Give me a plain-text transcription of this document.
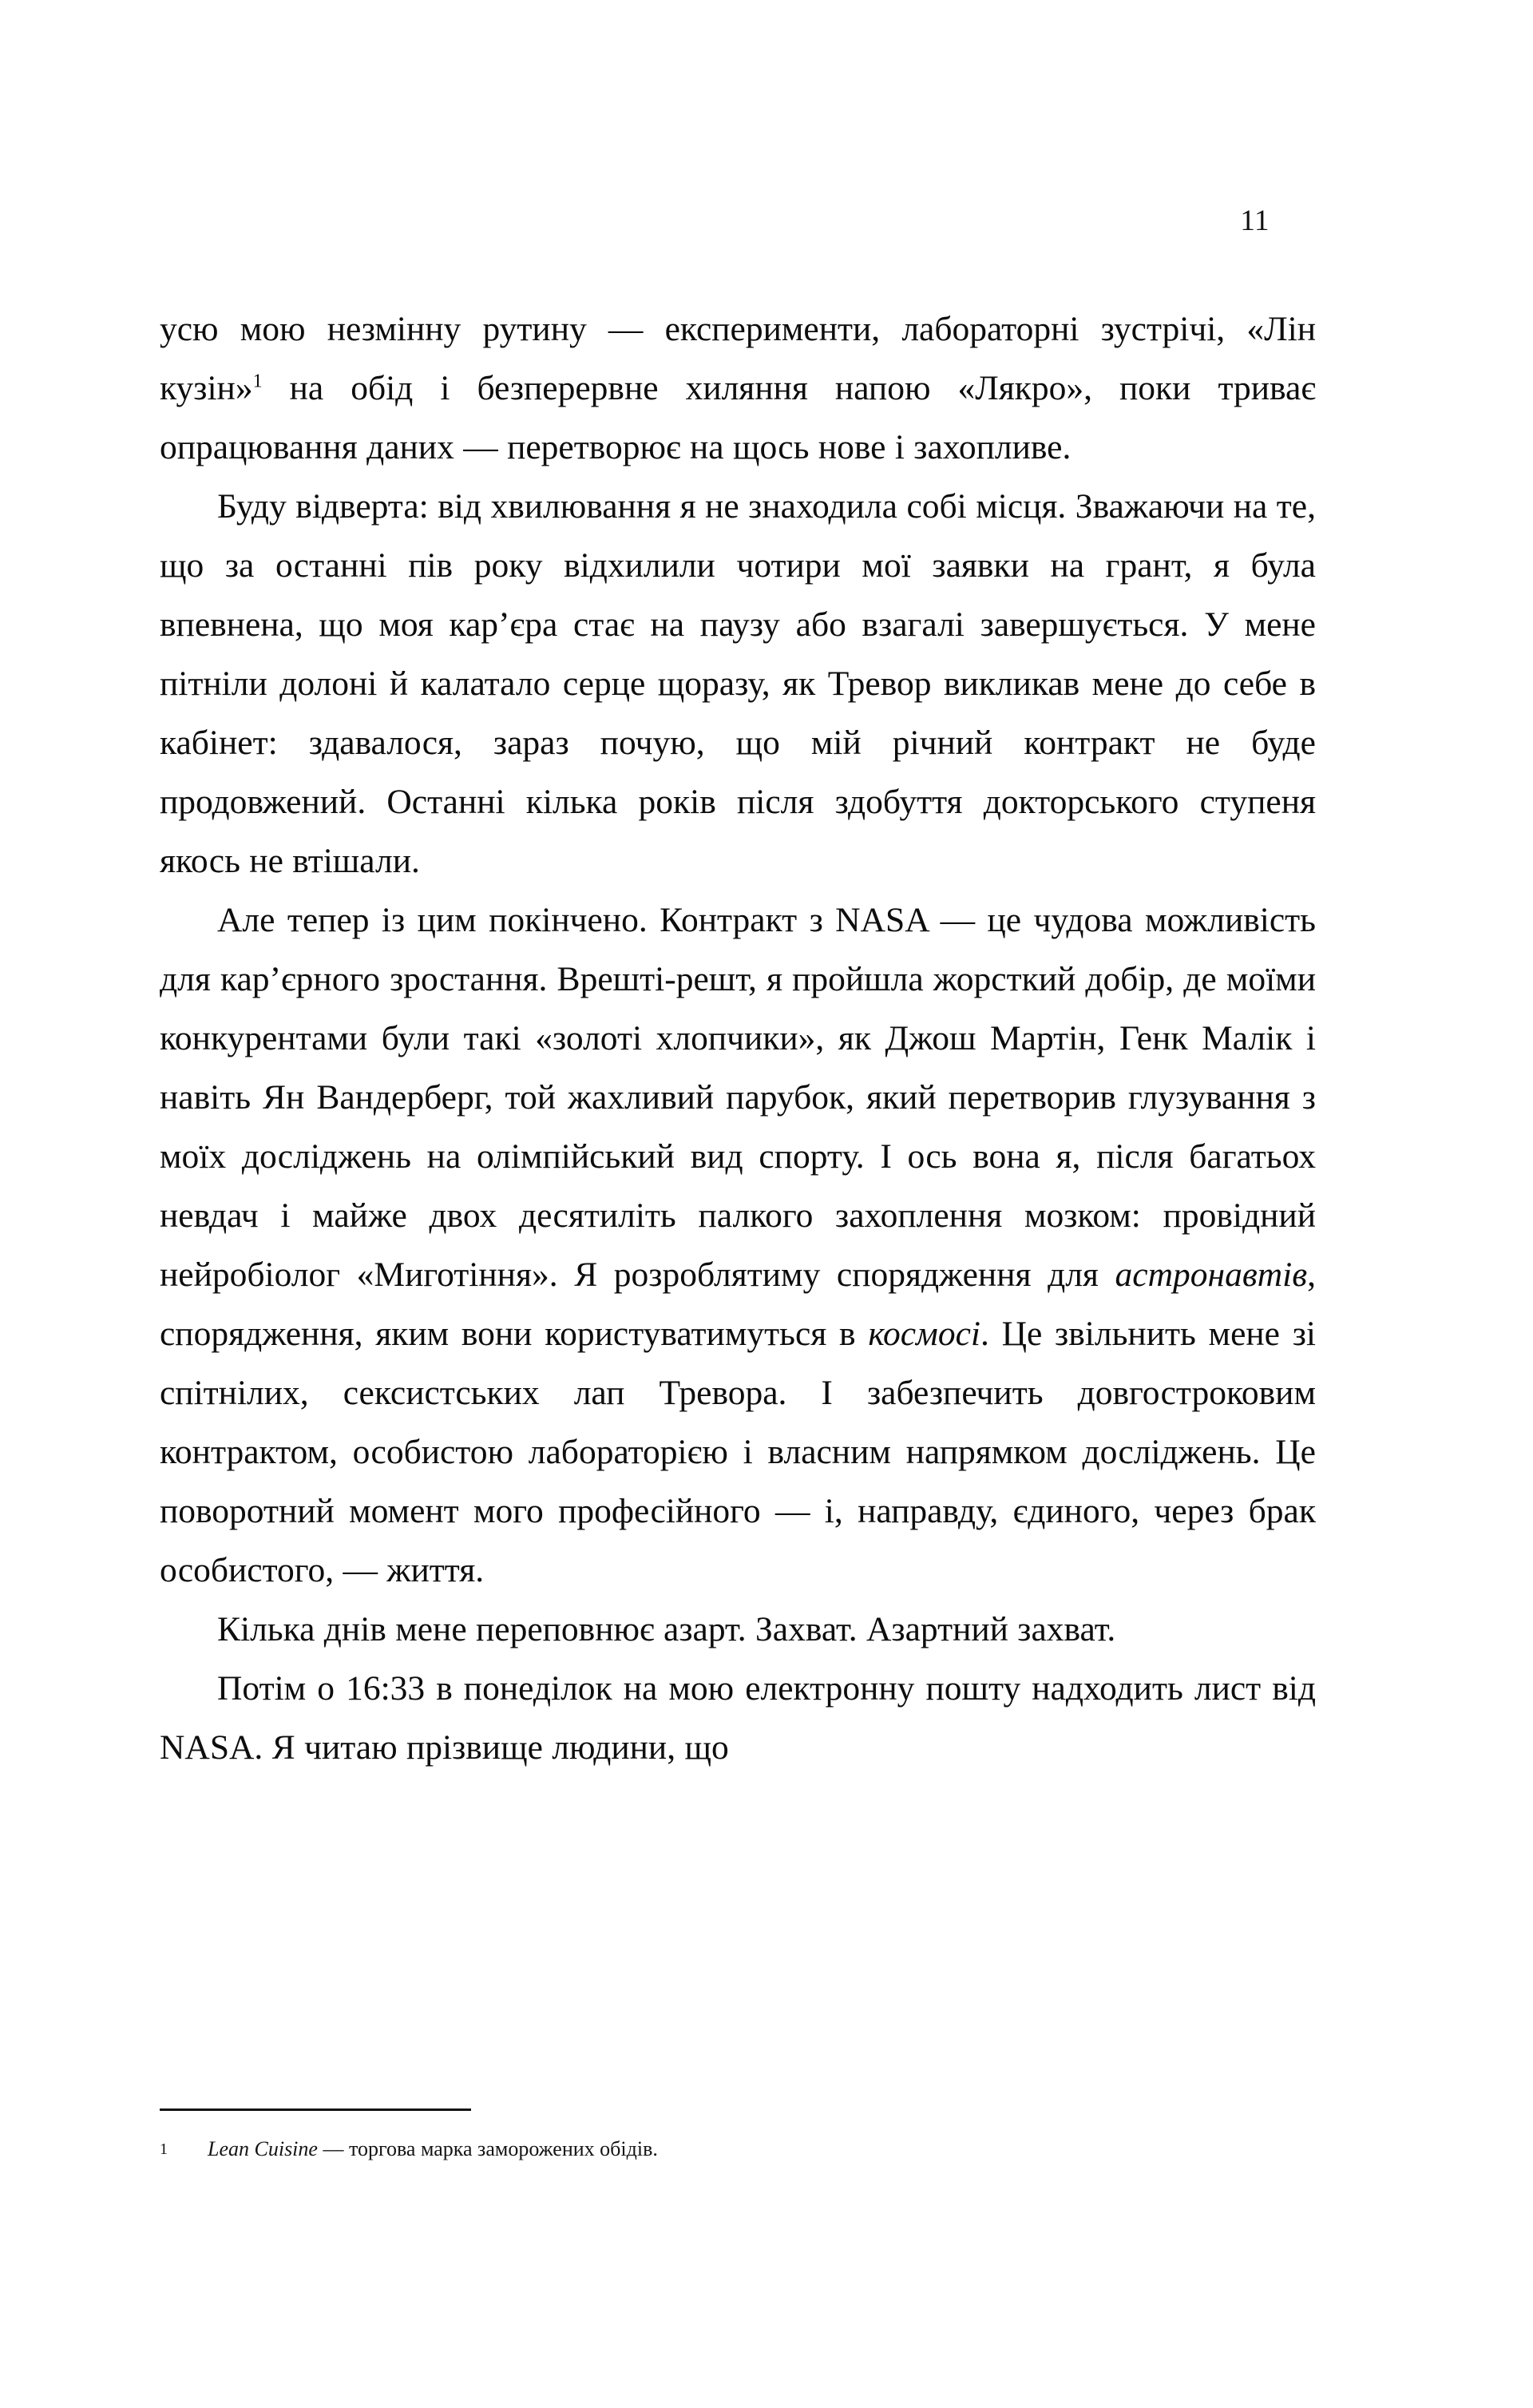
11

усю мою незмінну рутину — експерименти, лабораторні зустрічі, «Лін кузін»$^1$ на обід і безперервне хиляння напою «Лякро», поки триває опрацювання даних — перетворює на щось нове і захопливе.

Буду відверта: від хвилювання я не знаходила собі місця. Зважаючи на те, що за останні пів року відхилили чотири мої заявки на грант, я була впевнена, що моя кар’єра стає на паузу або взагалі завершується. У мене пітніли долоні й калатало серце щоразу, як Тревор викликав мене до себе в кабінет: здавалося, зараз почую, що мій річний контракт не буде продовжений. Останні кілька років після здобуття докторського ступеня якось не втішали.

Але тепер із цим покінчено. Контракт з NASA — це чудова можливість для кар’єрного зростання. Врешті-решт, я пройшла жорсткий добір, де моїми конкурентами були такі «золоті хлопчики», як Джош Мартін, Генк Малік і навіть Ян Вандерберг, той жахливий парубок, який перетворив глузування з моїх досліджень на олімпійський вид спорту. І ось вона я, після багатьох невдач і майже двох десятиліть палкого захоплення мозком: провідний нейробіолог «Миготіння». Я розроблятиму спорядження для астронавтів, спорядження, яким вони користуватимуться в космосі. Це звільнить мене зі спітнілих, сексистських лап Тревора. І забезпечить довгостроковим контрактом, особистою лабораторією і власним напрямком досліджень. Це поворотний момент мого професійного — і, направду, єдиного, через брак особистого, — життя.

Кілька днів мене переповнює азарт. Захват. Азартний захват.

Потім о 16:33 в понеділок на мою електронну пошту надходить лист від NASA. Я читаю прізвище людини, що

1 Lean Cuisine — торгова марка заморожених обідів.
